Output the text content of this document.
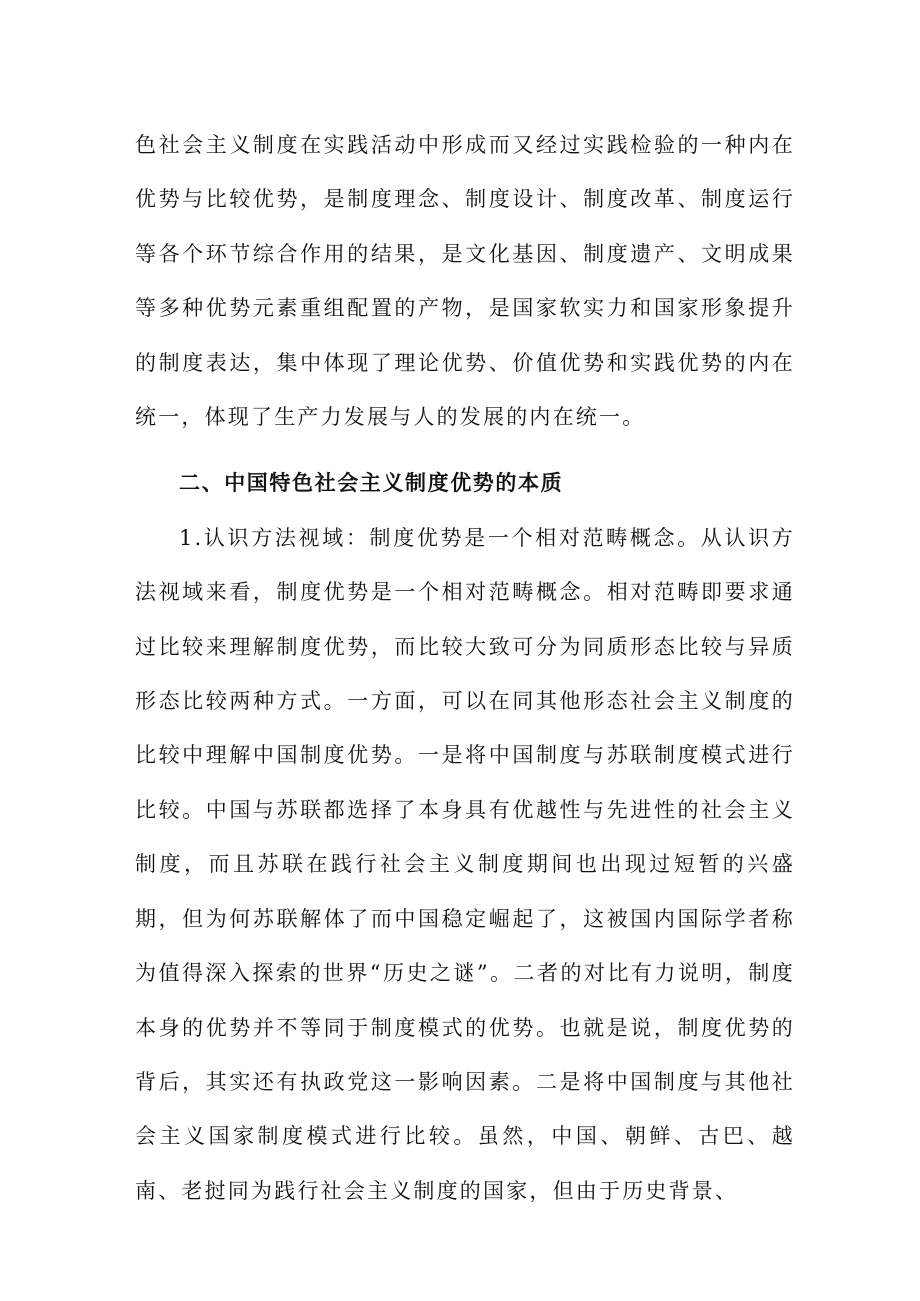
色社会主义制度在实践活动中形成而又经过实践检验的一种内在优势与比较优势，是制度理念、制度设计、制度改革、制度运行等各个环节综合作用的结果，是文化基因、制度遗产、文明成果等多种优势元素重组配置的产物，是国家软实力和国家形象提升的制度表达，集中体现了理论优势、价值优势和实践优势的内在统一，体现了生产力发展与人的发展的内在统一。

二、中国特色社会主义制度优势的本质

1.认识方法视域：制度优势是一个相对范畴概念。从认识方法视域来看，制度优势是一个相对范畴概念。相对范畴即要求通过比较来理解制度优势，而比较大致可分为同质形态比较与异质形态比较两种方式。一方面，可以在同其他形态社会主义制度的比较中理解中国制度优势。一是将中国制度与苏联制度模式进行比较。中国与苏联都选择了本身具有优越性与先进性的社会主义制度，而且苏联在践行社会主义制度期间也出现过短暂的兴盛期，但为何苏联解体了而中国稳定崛起了，这被国内国际学者称为值得深入探索的世界“历史之谜”。二者的对比有力说明，制度本身的优势并不等同于制度模式的优势。也就是说，制度优势的背后，其实还有执政党这一影响因素。二是将中国制度与其他社会主义国家制度模式进行比较。虽然，中国、朝鲜、古巴、越南、老挝同为践行社会主义制度的国家，但由于历史背景、
